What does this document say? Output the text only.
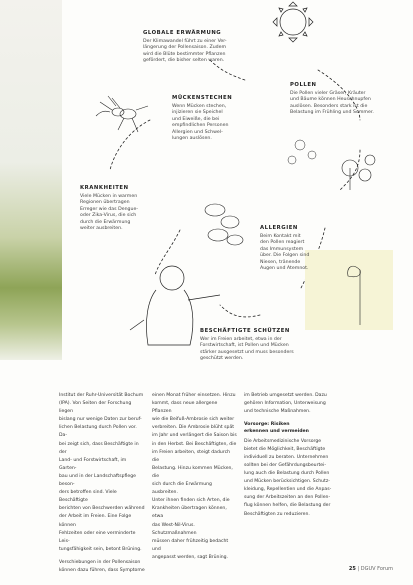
GLOBALE ERWÄRMUNG

Der Klimawandel führt zu einer Ver-
längerung der Pollensaison. Zudem
wird die Blüte bestimmter Pflanzen
gefördert, die bisher selten waren.

POLLEN

Die Pollen vieler Gräser, Kräuter
und Bäume können Heuschnupfen
auslösen. Besonders stark ist die
Belastung im Frühling und Sommer.

MÜCKENSTECHEN

Wenn Mücken stechen,
injizieren sie Speichel
und Eiweiße, die bei
empfindlichen Personen
Allergien und Schwel-
lungen auslösen.

KRANKHEITEN

Viele Mücken in warmen
Regionen übertragen
Erreger wie das Dengue-
oder Zika-Virus, die sich
durch die Erwärmung
weiter ausbreiten.	ALLERGIEN

Beim Kontakt mit
den Pollen reagiert
das Immunsystem
über. Die Folgen sind
Niesen, tränende
Augen und Atemnot.

BESCHÄFTIGTE SCHÜTZEN

Wer im Freien arbeitet, etwa in der
Forstwirtschaft, ist Pollen und Mücken
stärker ausgesetzt und muss besonders
geschützt werden.

Institut der Ruhr-Universität Bochum
(IPA). Von Seiten der Forschung liegen
bislang nur wenige Daten zur beruf-
lichen Belastung durch Pollen vor. Da-
bei zeigt sich, dass Beschäftigte in der
Land- und Forstwirtschaft, im Garten-
bau und in der Landschaftspflege beson-
ders betroffen sind. Viele Beschäftigte
berichten von Beschwerden während
der Arbeit im Freien. Eine Folge können
Fehlzeiten oder eine verminderte Leis-
tungsfähigkeit sein, betont Brüning.

Verschiebungen in der Pollensaison
können dazu führen, dass Symptome

einen Monat früher einsetzen. Hinzu
kommt, dass neue allergene Pflanzen
wie die Beifuß-Ambrosie sich weiter
verbreiten. Die Ambrosie blüht spät
im Jahr und verlängert die Saison bis
in den Herbst. Bei Beschäftigten, die
im Freien arbeiten, steigt dadurch die
Belastung. Hinzu kommen Mücken, die
sich durch die Erwärmung ausbreiten.
Unter ihnen finden sich Arten, die
Krankheiten übertragen können, etwa
das West-Nil-Virus. Schutzmaßnahmen
müssen daher frühzeitig bedacht und
angepasst werden, sagt Brüning.

im Betrieb umgesetzt werden. Dazu
gehören Information, Unterweisung
und technische Maßnahmen.

Vorsorge: Risiken
erkennen und vermeiden

Die Arbeitsmedizinische Vorsorge
bietet die Möglichkeit, Beschäftigte
individuell zu beraten. Unternehmen
sollten bei der Gefährdungsbeurtei-
lung auch die Belastung durch Pollen
und Mücken berücksichtigen. Schutz-
kleidung, Repellentien und die Anpas-
sung der Arbeitszeiten an den Pollen-
flug können helfen, die Belastung der
Beschäftigten zu reduzieren.

25 | DGUV Forum
